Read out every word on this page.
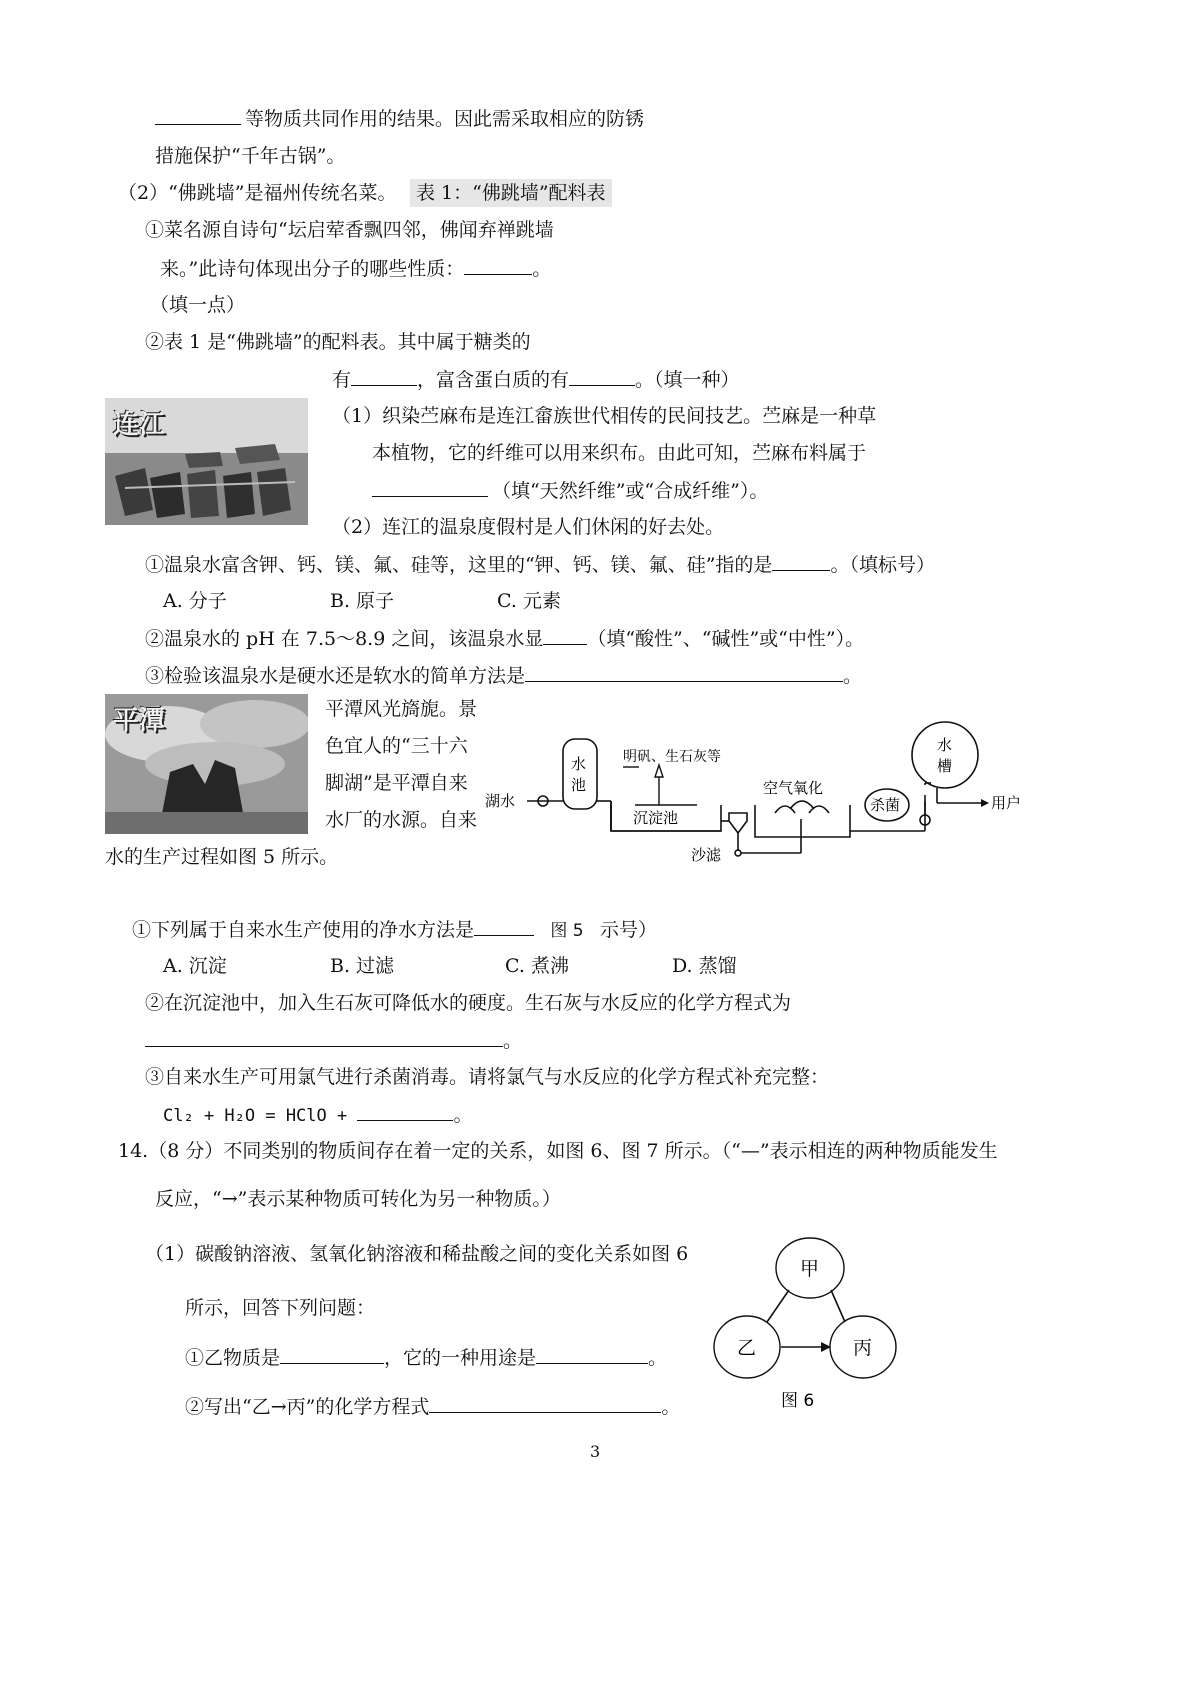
等物质共同作用的结果。因此需采取相应的防锈
措施保护“千年古锅”。
（2）“佛跳墙”是福州传统名菜。	表 1：“佛跳墙”配料表
①菜名源自诗句“坛启荤香飘四邻，佛闻弃禅跳墙
来。”此诗句体现出分子的哪些性质：	。
（填一点）
②表 1 是“佛跳墙”的配料表。其中属于糖类的
有	，富含蛋白质的有	。（填一种）
连江	（1）织染苎麻布是连江畲族世代相传的民间技艺。苎麻是一种草
本植物，它的纤维可以用来织布。由此可知，苎麻布料属于
（填“天然纤维”或“合成纤维”）。
（2）连江的温泉度假村是人们休闲的好去处。
①温泉水富含钾、钙、镁、氟、硅等，这里的“钾、钙、镁、氟、硅”指的是	。（填标号）
A. 分子	B. 原子	C. 元素
②温泉水的 pH 在 7.5～8.9 之间，该温泉水显 （填“酸性”、“碱性”或“中性”）。
③检验该温泉水是硬水还是软水的简单方法是	。
平潭	平潭风光旖旎。景
色宜人的“三十六
脚湖”是平潭自来
水厂的水源。自来
水的生产过程如图 5 所示。
湖水
水
池
明矾、生石灰等
沉淀池
沙滤
空气氧化
杀菌
水
槽
用户
①下列属于自来水生产使用的净水方法是	图 5 示号）
A. 沉淀	B. 过滤	C. 煮沸	D. 蒸馏
②在沉淀池中，加入生石灰可降低水的硬度。生石灰与水反应的化学方程式为
。
③自来水生产可用氯气进行杀菌消毒。请将氯气与水反应的化学方程式补充完整：
Cl₂ + H₂O = HClO +	。
14.（8 分）不同类别的物质间存在着一定的关系，如图 6、图 7 所示。（“—”表示相连的两种物质能发生
反应，“→”表示某种物质可转化为另一种物质。）
（1）碳酸钠溶液、氢氧化钠溶液和稀盐酸之间的变化关系如图 6
所示，回答下列问题：
①乙物质是	，它的一种用途是	。
②写出“乙→丙”的化学方程式	。
甲
乙	丙
图 6
3
